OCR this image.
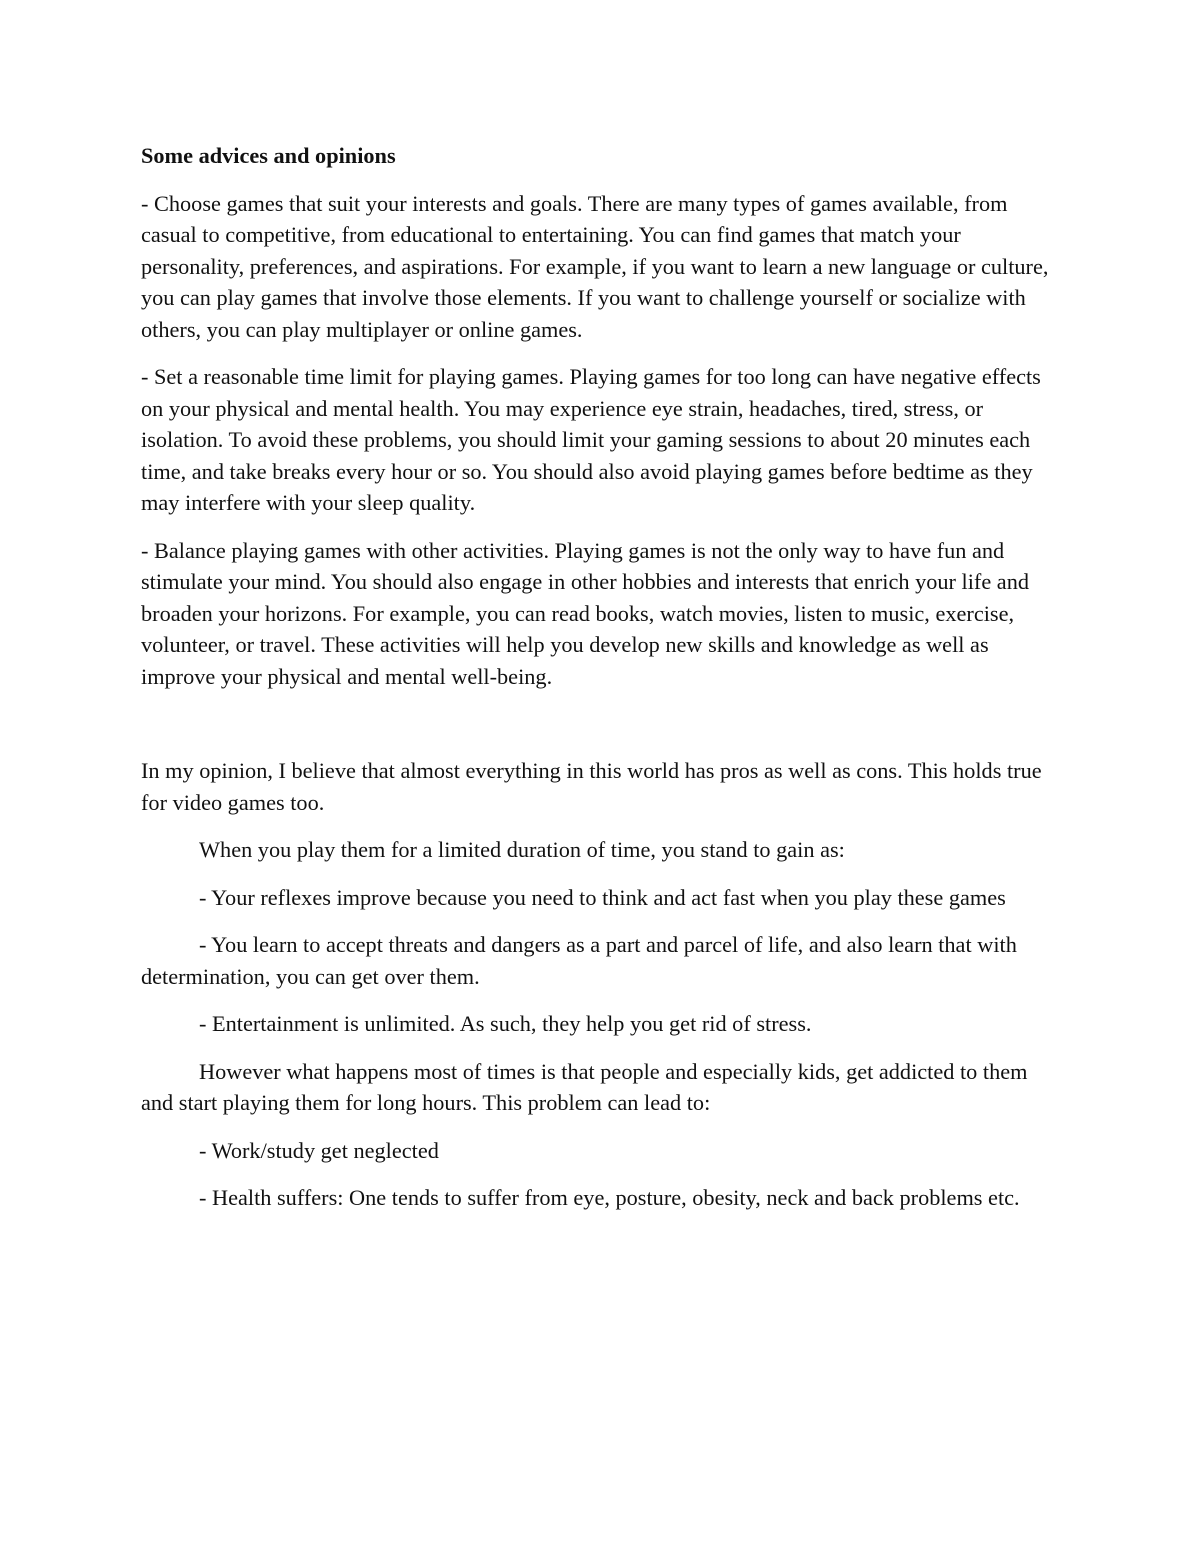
Some advices and opinions

- Choose games that suit your interests and goals. There are many types of games available, from casual to competitive, from educational to entertaining. You can find games that match your personality, preferences, and aspirations. For example, if you want to learn a new language or culture, you can play games that involve those elements. If you want to challenge yourself or socialize with others, you can play multiplayer or online games.

- Set a reasonable time limit for playing games. Playing games for too long can have negative effects on your physical and mental health. You may experience eye strain, headaches, tired, stress, or isolation. To avoid these problems, you should limit your gaming sessions to about 20 minutes each time, and take breaks every hour or so. You should also avoid playing games before bedtime as they may interfere with your sleep quality.

- Balance playing games with other activities. Playing games is not the only way to have fun and stimulate your mind. You should also engage in other hobbies and interests that enrich your life and broaden your horizons. For example, you can read books, watch movies, listen to music, exercise, volunteer, or travel. These activities will help you develop new skills and knowledge as well as improve your physical and mental well-being.

In my opinion, I believe that almost everything in this world has pros as well as cons. This holds true for video games too.

When you play them for a limited duration of time, you stand to gain as:

- Your reflexes improve because you need to think and act fast when you play these games

- You learn to accept threats and dangers as a part and parcel of life, and also learn that with determination, you can get over them.

- Entertainment is unlimited. As such, they help you get rid of stress.

However what happens most of times is that people and especially kids, get addicted to them and start playing them for long hours. This problem can lead to:

- Work/study get neglected

- Health suffers: One tends to suffer from eye, posture, obesity, neck and back problems etc.
